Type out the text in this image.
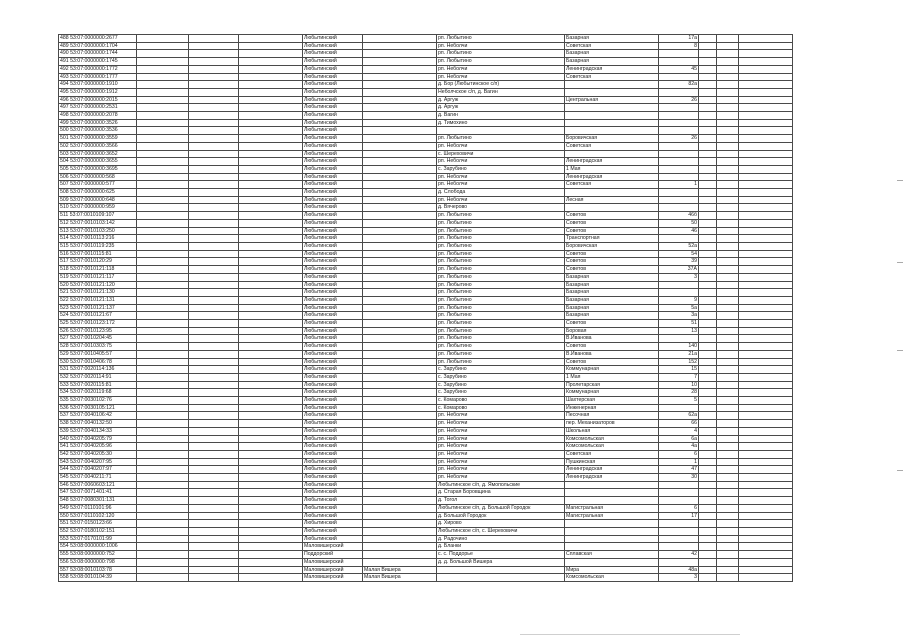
488 53:07:0000000:2677				Любытинский		рп. Любытино	Базарная	17а			
489 53:07:0000000:1704				Любытинский		рп. Неболчи	Советская	8			
490 53:07:0000000:1744				Любытинский		рп. Любытино	Базарная				
491 53:07:0000000:1745				Любытинский		рп. Любытино	Базарная				
492 53:07:0000000:1772				Любытинский		рп. Неболчи	Ленинградская	45			
493 53:07:0000000:1777				Любытинский		рп. Неболчи	Советская				
494 53:07:0000000:1910				Любытинский		д. Бор (Любытинское с/п)		82а			
495 53:07:0000000:1912				Любытинский		Неболчское с/п, д. Вагин					
496 53:07:0000000:2015				Любытинский		д. Аргуж	Центральная	26			
497 53:07:0000000:2531				Любытинский		д. Аргуж					
498 53:07:0000000:2078				Любытинский		д. Вагин					
499 53:07:0000000:3526				Любытинский		д. Тимохино					
500 53:07:0000000:3536				Любытинский							
501 53:07:0000000:3559				Любытинский		рп. Любытино	Боровичская	26			
502 53:07:0000000:3566				Любытинский		рп. Неболчи	Советская				
503 53:07:0000000:3652				Любытинский		с. Шереховичи					
504 53:07:0000000:3655				Любытинский		рп. Неболчи	Ленинградская				
505 53:07:0000000:3695				Любытинский		с. Зарубино	1 Мая				
506 53:07:0000000:568				Любытинский		рп. Неболчи	Ленинградская				
507 53:07:0000000:577				Любытинский		рп. Неболчи	Советская	1			
508 53:07:0000000:625				Любытинский		д. Слобода					
509 53:07:0000000:648				Любытинский		рп. Неболчи	Лесная				
510 53:07:0000000:959				Любытинский		д. Вячерово					
511 53:07:0010109:107				Любытинский		рп. Любытино	Советов	46б			
512 53:07:0010103:142				Любытинский		рп. Любытино	Советов	50			
513 53:07:0010103:250				Любытинский		рп. Любытино	Советов	46			
514 53:07:0010113:216				Любытинский		рп. Любытино	Транспортная				
515 53:07:0010119:235				Любытинский		рп. Любытино	Боровичская	52а			
516 53:07:0010115:81				Любытинский		рп. Любытино	Советов	54			
517 53:07:0010120:29				Любытинский		рп. Любытино	Советов	39			
518 53:07:0010121:118				Любытинский		рп. Любытино	Советов	37А			
519 53:07:0010121:117				Любытинский		рп. Любытино	Базарная	3			
520 53:07:0010121:120				Любытинский		рп. Любытино	Базарная				
521 53:07:0010121:130				Любытинский		рп. Любытино	Базарная				
522 53:07:0010121:131				Любытинский		рп. Любытино	Базарная	9			
523 53:07:0010121:137				Любытинский		рп. Любытино	Базарная	5а			
524 53:07:0010121:67				Любытинский		рп. Любытино	Базарная	3а			
525 53:07:0010123:172				Любытинский		рп. Любытино	Советов	51			
526 53:07:0010123:95				Любытинский		рп. Любытино	Боровая	13			
527 53:07:0010204:45				Любытинский		рп. Любытино	В.Иванова				
528 53:07:0010303:75				Любытинский		рп. Любытино	Советов	140			
529 53:07:0010405:57				Любытинский		рп. Любытино	В.Иванова	21а			
530 53:07:0010406:78				Любытинский		рп. Любытино	Советов	152			
531 53:07:0020114:136				Любытинский		с. Зарубино	Коммунарная	15			
532 53:07:0020114:91				Любытинский		с. Зарубино	1 Мая	7			
533 53:07:0020115:81				Любытинский		с. Зарубино	Пролетарская	10			
534 53:07:0020119:68				Любытинский		с. Зарубино	Коммунарная	28			
535 53:07:0030102:76				Любытинский		с. Комарово	Шахтерская	5			
536 53:07:0030105:121				Любытинский		с. Комарово	Инженерная				
537 53:07:0040106:42				Любытинский		рп. Неболчи	Песочная	62а			
538 53:07:0040132:50				Любытинский		рп. Неболчи	пер. Механизаторов	66			
539 53:07:0040134:33				Любытинский		рп. Неболчи	Школьная	4			
540 53:07:0040205:79				Любытинский		рп. Неболчи	Комсомольская	6а			
541 53:07:0040205:96				Любытинский		рп. Неболчи	Комсомольская	4а			
542 53:07:0040205:30				Любытинский		рп. Неболчи	Советская	6			
543 53:07:0040207:95				Любытинский		рп. Неболчи	Пушкинская	1			
544 53:07:0040207:97				Любытинский		рп. Неболчи	Ленинградская	47			
545 53:07:0040211:71				Любытинский		рп. Неболчи	Ленинградская	30			
546 53:07:0060603:121				Любытинский		Любытинское с/п, д. Ямопольские					
547 53:07:0071401:41				Любытинский		д. Старая Боровщина					
548 53:07:0080301:131				Любытинский		д. Тогол					
549 53:07:0110101:96				Любытинский		Любытинское с/п, д. Большой Городок	Магистральная	6			
550 53:07:0110102:120				Любытинский		д. Большой Городок	Магистральная	17			
551 53:07:0150123:66				Любытинский		д. Хирово					
552 53:07:0180102:151				Любытинский		Любытинское с/п, с. Шереховичи					
553 53:07:0170101:99				Любытинский		д. Радочино					
554 53:08:0000000:1006				Маловишерский		д. Бланки					
555 53:08:0000000:752				Поддорский		с. с. Поддорье	Сплавская	42			
556 53:08:0000000:798				Маловишерский		д. д. Большой Вишера					
557 53:08:0010103:78				Маловишерский	Малая Вишера		Мира	48а			
558 53:08:0010104:39				Маловишерский	Малая Вишера		Комсомольская	3			
